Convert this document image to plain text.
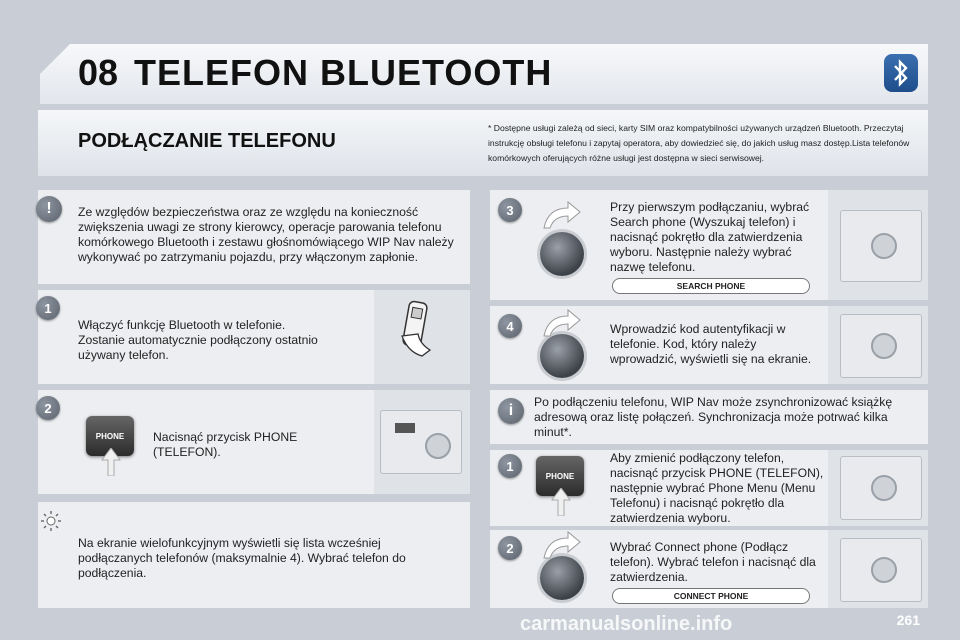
08 TELEFON BLUETOOTH
PODŁĄCZANIE TELEFONU
* Dostępne usługi zależą od sieci, karty SIM oraz kompatybilności używanych urządzeń Bluetooth. Przeczytaj instrukcję obsługi telefonu i zapytaj operatora, aby dowiedzieć się, do jakich usług masz dostęp.Lista telefonów komórkowych oferujących różne usługi jest dostępna w sieci serwisowej.
!	Ze względów bezpieczeństwa oraz ze względu na konieczność zwiększenia uwagi ze strony kierowcy, operacje parowania telefonu komórkowego Bluetooth i zestawu głośnomówiącego WIP Nav należy wykonywać po zatrzymaniu pojazdu, przy włączonym zapłonie.
1
Włączyć funkcję Bluetooth w telefonie. Zostanie automatycznie podłączony ostatnio używany telefon.
2
PHONE	Nacisnąć przycisk PHONE (TELEFON).
Na ekranie wielofunkcyjnym wyświetli się lista wcześniej podłączanych telefonów (maksymalnie 4). Wybrać telefon do podłączenia.
3	Przy pierwszym podłączaniu, wybrać Search phone (Wyszukaj telefon) i nacisnąć pokrętło dla zatwierdzenia wyboru. Następnie należy wybrać nazwę telefonu.
SEARCH PHONE
4	Wprowadzić kod autentyfikacji w telefonie. Kod, który należy wprowadzić, wyświetli się na ekranie.
i	Po podłączeniu telefonu, WIP Nav może zsynchronizować książkę adresową oraz listę połączeń. Synchronizacja może potrwać kilka minut*.
1
PHONE
Aby zmienić podłączony telefon, nacisnąć przycisk PHONE (TELEFON), następnie wybrać Phone Menu (Menu Telefonu) i nacisnąć pokrętło dla zatwierdzenia wyboru.
2	Wybrać Connect phone (Podłącz telefon). Wybrać telefon i nacisnąć dla zatwierdzenia.
CONNECT PHONE
carmanualsonline.info	261
